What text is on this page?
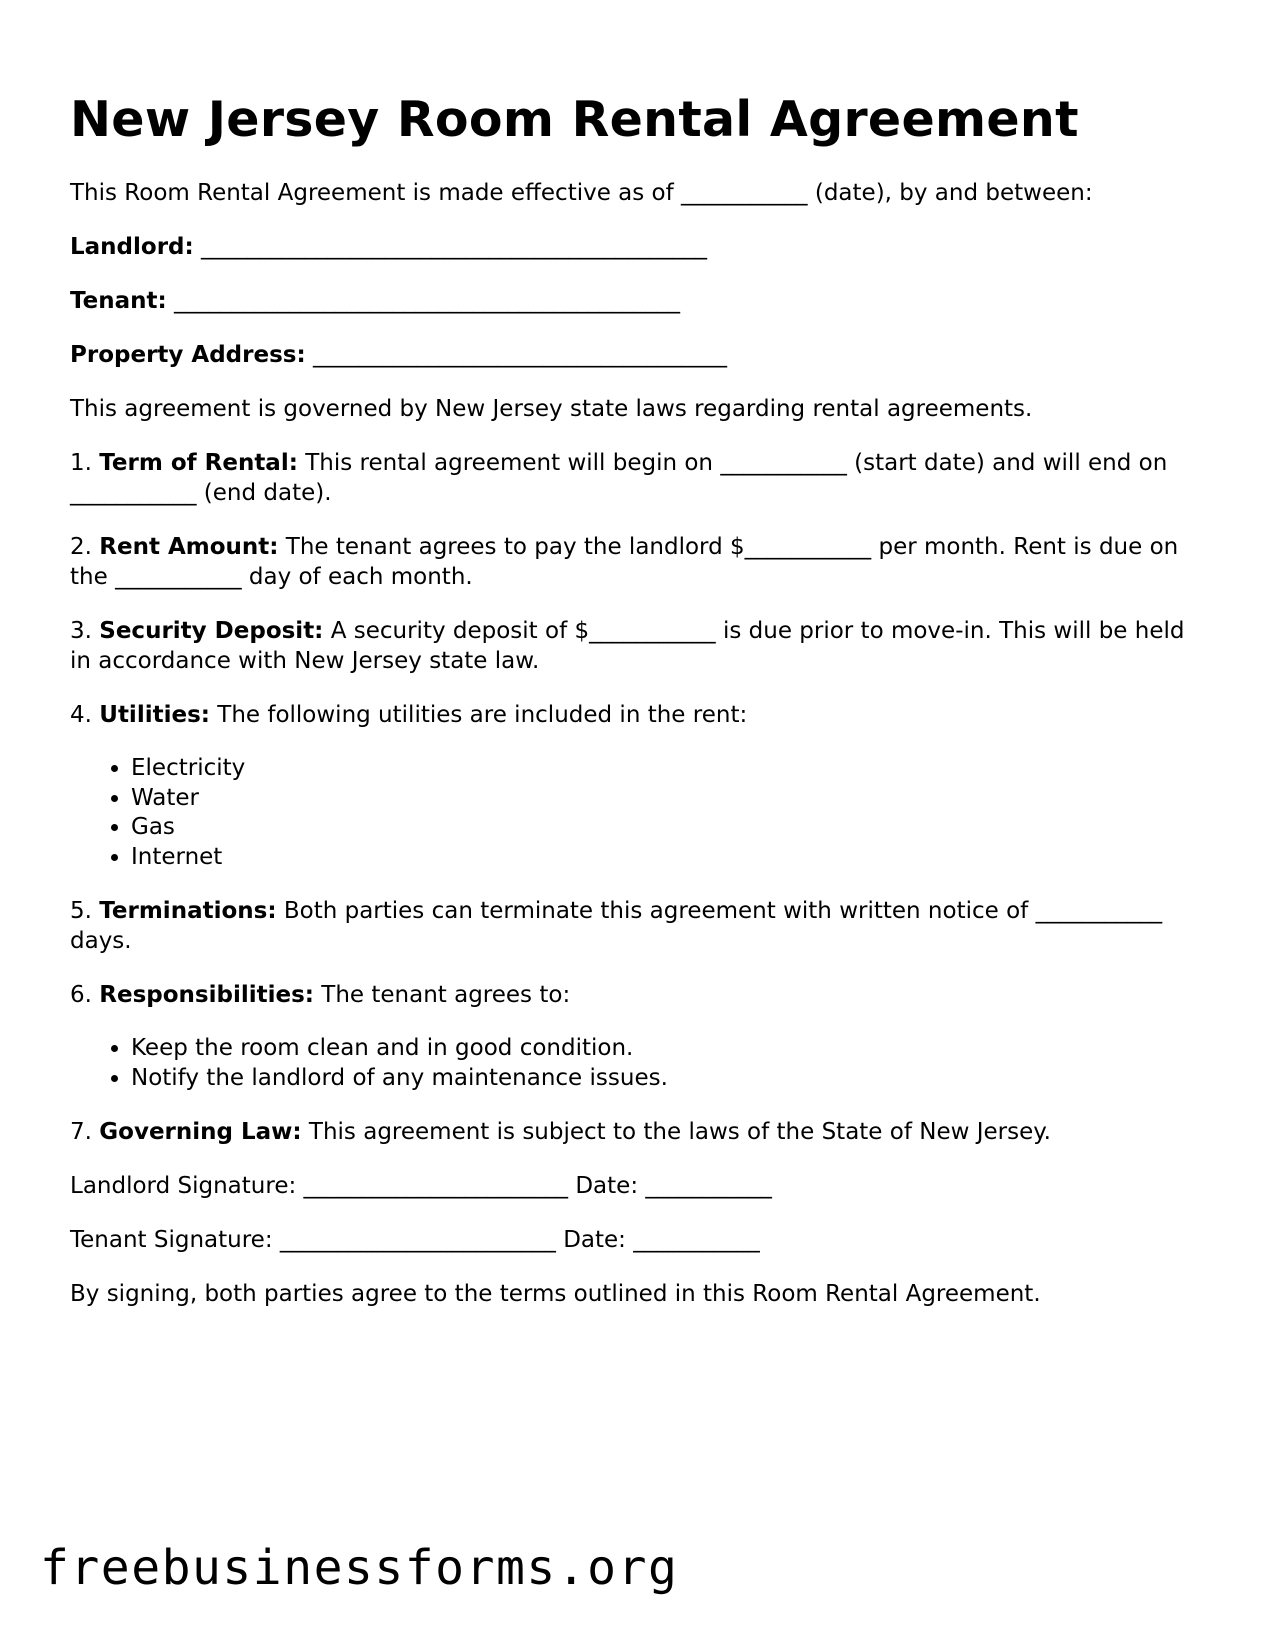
New Jersey Room Rental Agreement

This Room Rental Agreement is made effective as of ___________ (date), by and between:

Landlord: ____________________________________________

Tenant: ____________________________________________

Property Address: ____________________________________

This agreement is governed by New Jersey state laws regarding rental agreements.

1. Term of Rental: This rental agreement will begin on ___________ (start date) and will end on ___________ (end date).

2. Rent Amount: The tenant agrees to pay the landlord $___________ per month. Rent is due on the ___________ day of each month.

3. Security Deposit: A security deposit of $___________ is due prior to move-in. This will be held in accordance with New Jersey state law.

4. Utilities: The following utilities are included in the rent:

• Electricity
• Water
• Gas
• Internet

5. Terminations: Both parties can terminate this agreement with written notice of ___________ days.

6. Responsibilities: The tenant agrees to:

• Keep the room clean and in good condition.
• Notify the landlord of any maintenance issues.

7. Governing Law: This agreement is subject to the laws of the State of New Jersey.

Landlord Signature: _______________________ Date: ___________

Tenant Signature: ________________________ Date: ___________

By signing, both parties agree to the terms outlined in this Room Rental Agreement.

freebusinessforms.org
